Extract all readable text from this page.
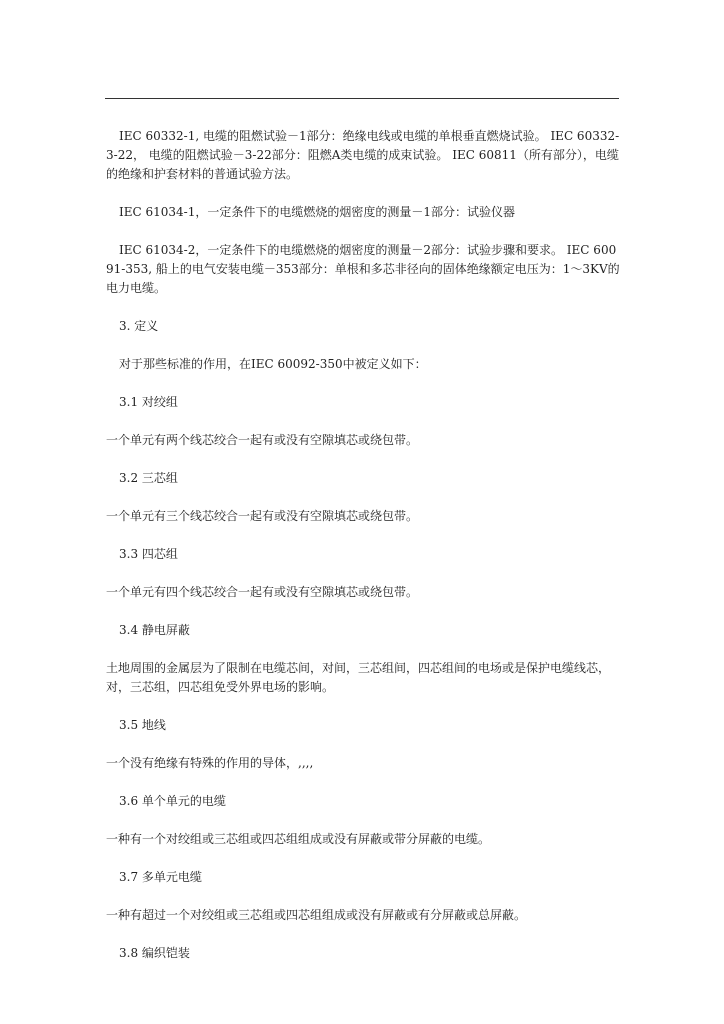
IEC 60332-1, 电缆的阻燃试验－1部分：绝缘电线或电缆的单根垂直燃烧试验。 IEC 60332-3-22， 电缆的阻燃试验－3-22部分：阻燃A类电缆的成束试验。 IEC 60811（所有部分），电缆的绝缘和护套材料的普通试验方法。

IEC 61034-1，一定条件下的电缆燃烧的烟密度的测量－1部分：试验仪器

IEC 61034-2，一定条件下的电缆燃烧的烟密度的测量－2部分：试验步骤和要求。 IEC 60091-353, 船上的电气安装电缆－353部分：单根和多芯非径向的固体绝缘额定电压为：1～3KV的电力电缆。

3. 定义

对于那些标准的作用，在IEC 60092-350中被定义如下：

3.1 对绞组

一个单元有两个线芯绞合一起有或没有空隙填芯或绕包带。

3.2 三芯组

一个单元有三个线芯绞合一起有或没有空隙填芯或绕包带。

3.3 四芯组

一个单元有四个线芯绞合一起有或没有空隙填芯或绕包带。

3.4 静电屏蔽

土地周围的金属层为了限制在电缆芯间，对间，三芯组间，四芯组间的电场或是保护电缆线芯，对，三芯组，四芯组免受外界电场的影响。

3.5 地线

一个没有绝缘有特殊的作用的导体，,,,,

3.6 单个单元的电缆

一种有一个对绞组或三芯组或四芯组组成或没有屏蔽或带分屏蔽的电缆。

3.7 多单元电缆

一种有超过一个对绞组或三芯组或四芯组组成或没有屏蔽或有分屏蔽或总屏蔽。

3.8 编织铠装
